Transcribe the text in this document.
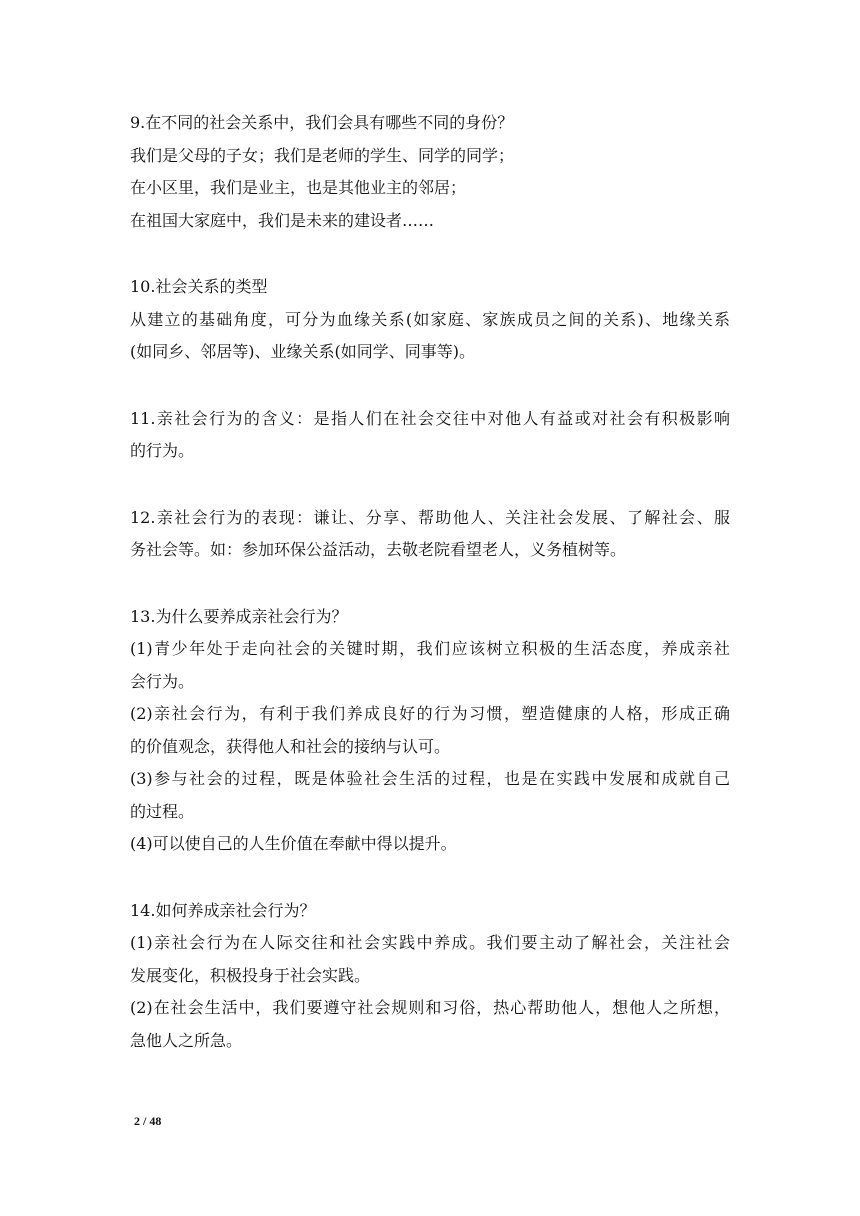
9.在不同的社会关系中，我们会具有哪些不同的身份？
我们是父母的子女；我们是老师的学生、同学的同学；
在小区里，我们是业主，也是其他业主的邻居；
在祖国大家庭中，我们是未来的建设者……
10.社会关系的类型
从建立的基础角度，可分为血缘关系(如家庭、家族成员之间的关系)、地缘关系
(如同乡、邻居等)、业缘关系(如同学、同事等)。
11.亲社会行为的含义：是指人们在社会交往中对他人有益或对社会有积极影响
的行为。
12.亲社会行为的表现：谦让、分享、帮助他人、关注社会发展、了解社会、服
务社会等。如：参加环保公益活动，去敬老院看望老人，义务植树等。
13.为什么要养成亲社会行为？
(1)青少年处于走向社会的关键时期，我们应该树立积极的生活态度，养成亲社
会行为。
(2)亲社会行为，有利于我们养成良好的行为习惯，塑造健康的人格，形成正确
的价值观念，获得他人和社会的接纳与认可。
(3)参与社会的过程，既是体验社会生活的过程，也是在实践中发展和成就自己
的过程。
(4)可以使自己的人生价值在奉献中得以提升。
14.如何养成亲社会行为？
(1)亲社会行为在人际交往和社会实践中养成。我们要主动了解社会，关注社会
发展变化，积极投身于社会实践。
(2)在社会生活中，我们要遵守社会规则和习俗，热心帮助他人，想他人之所想，
急他人之所急。
2 / 48
